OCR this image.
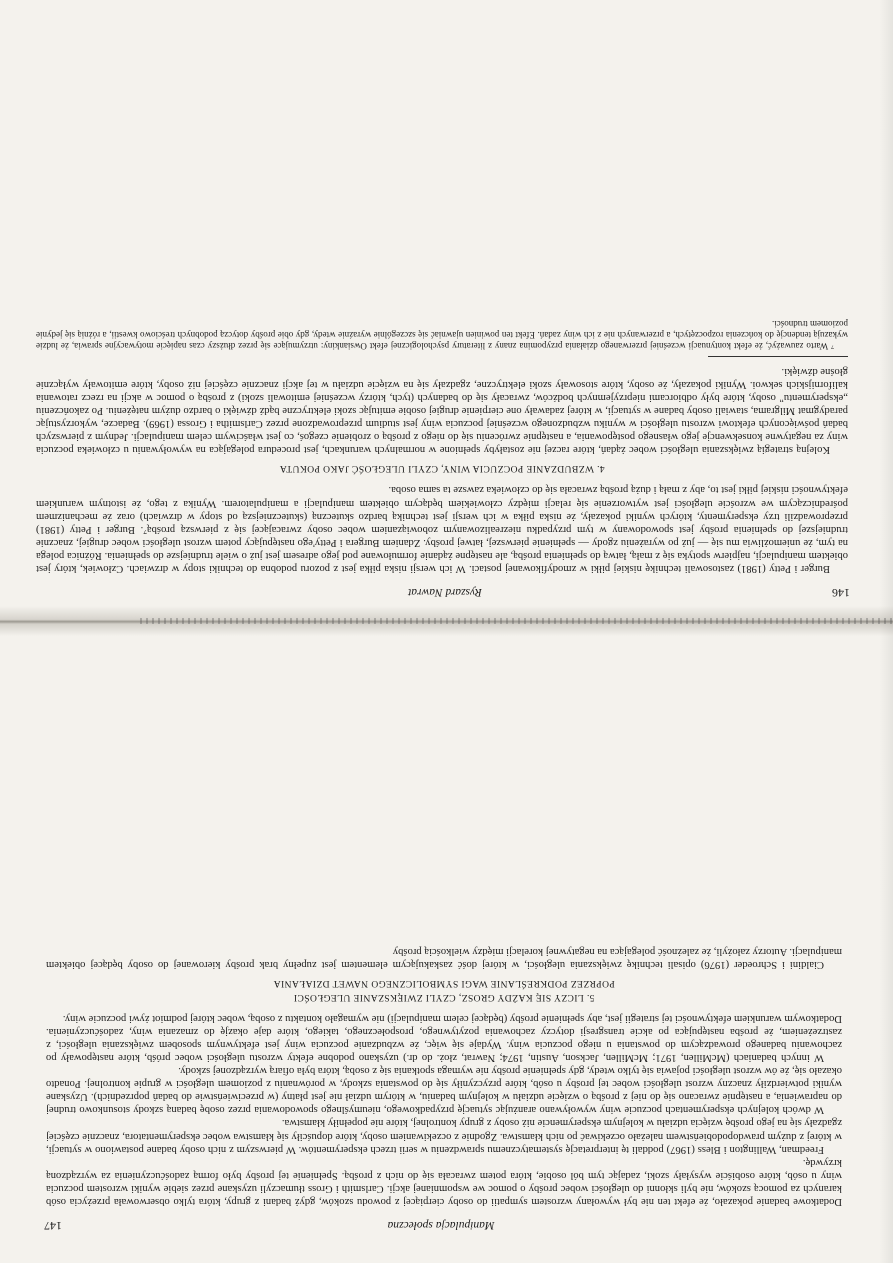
146
Ryszard Nawrat

Burger i Petty (1981) zastosowali technikę niskiej piłki w zmodyfikowanej postaci. W ich wersji niska piłka jest z pozoru podobna do techniki stopy w drzwiach. Człowiek, który jest obiektem manipulacji, najpierw spotyka się z małą, łatwą do spełnienia prośbą, ale następne żądanie formułowane pod jego adresem jest już o wiele trudniejsze do spełnienia. Różnica polega na tym, że uniemożliwia mu się — już po wyrażeniu zgody — spełnienie pierwszej, łatwej prośby. Zdaniem Burgera i Petty'ego następujący potem wzrost uległości wobec drugiej, znacznie trudniejszej do spełnienia prośby jest spowodowany w tym przypadku niezrealizowanym zobowiązaniem wobec osoby zwracającej się z pierwszą prośbą⁷. Burger i Petty (1981) przeprowadzili trzy eksperymenty, których wyniki pokazały, że niska piłka w ich wersji jest techniką bardzo skuteczną (skuteczniejszą od stopy w drzwiach) oraz że mechanizmem pośredniczącym we wzroście uległości jest wytworzenie się relacji między człowiekiem będącym obiektem manipulacji a manipulatorem. Wynika z tego, że istotnym warunkiem efektywności niskiej piłki jest to, aby z małą i dużą prośbą zwracała się do człowieka zawsze ta sama osoba.

4. WZBUDZANIE POCZUCIA WINY, CZYLI ULEGŁOŚĆ JAKO POKUTA

Kolejną strategią zwiększania uległości wobec żądań, które raczej nie zostałyby spełnione w normalnych warunkach, jest procedura polegająca na wywoływaniu u człowieka poczucia winy za negatywne konsekwencje jego własnego postępowania, a następnie zwróceniu się do niego z prośbą o zrobienie czegoś, co jest właściwym celem manipulacji. Jednym z pierwszych badań poświęconych efektowi wzrostu uległości w wyniku wzbudzonego wcześniej poczucia winy jest studium przeprowadzone przez Carlsmitha i Grossa (1969). Badacze, wykorzystując paradygmat Milgrama, stawiali osoby badane w sytuacji, w której zadawały one cierpienie drugiej osobie emitując szoki elektryczne bądź dźwięki o bardzo dużym natężeniu. Po zakończeniu „eksperymentu" osoby, które były odbiorcami nieprzyjemnych bodźców, zwracały się do badanych (tych, którzy wcześniej emitowali szoki) z prośbą o pomoc w akcji na rzecz ratowania kalifornijskich sekwoi. Wyniki pokazały, że osoby, które stosowały szoki elektryczne, zgadzały się na wzięcie udziału w tej akcji znacznie częściej niż osoby, które emitowały wyłącznie głośne dźwięki.

⁷ Warto zauważyć, że efekt kontynuacji wcześniej przerwanego działania przypomina znany z literatury psychologicznej efekt Owsiankiny: utrzymujące się przez dłuższy czas napięcie motywacyjne sprawia, że ludzie wykazują tendencję do kończenia rozpoczętych, a przerwanych nie z ich winy zadań. Efekt ten powinien ujawniać się szczególnie wyraźnie wtedy, gdy obie prośby dotyczą podobnych treściowo kwestii, a różnią się jedynie poziomem trudności.

Manipulacja społeczna
147

Dodatkowe badanie pokazało, że efekt ten nie był wywołany wzrostem sympatii do osoby cierpiącej z powodu szoków, gdyż badani z grupy, która tylko obserwowała przeżycia osób karanych za pomocą szoków, nie byli skłonni do uległości wobec prośby o pomoc we wspomnianej akcji. Carlsmith i Gross tłumaczyli uzyskane przez siebie wyniki wzrostem poczucia winy u osób, które osobiście wysyłały szoki, zadając tym ból osobie, która potem zwracała się do nich z prośbą. Spełnienie tej prośby było formą zadośćuczynienia za wyrządzoną krzywdę.

Freedman, Wallington i Bless (1967) poddali tę interpretację systematycznemu sprawdzeniu w serii trzech eksperymentów. W pierwszym z nich osoby badane postawiono w sytuacji, w której z dużym prawdopodobieństwem należało oczekiwać po nich kłamstwa. Zgodnie z oczekiwaniem osoby, które dopuściły się kłamstwa wobec eksperymentatora, znacznie częściej zgadzały się na jego prośbę wzięcia udziału w kolejnym eksperymencie niż osoby z grupy kontrolnej, które nie popełniły kłamstwa.

W dwóch kolejnych eksperymentach poczucie winy wywoływano aranżując sytuację przypadkowego, nieumyślnego spowodowania przez osobę badaną szkody stosunkowo trudnej do naprawienia, a następnie zwracano się do niej z prośbą o wzięcie udziału w kolejnym badaniu, w którym udział nie jest płatny (w przeciwieństwie do badań poprzednich). Uzyskane wyniki potwierdziły znaczny wzrost uległości wobec tej prośby u osób, które przyczyniły się do powstania szkody, w porównaniu z poziomem uległości w grupie kontrolnej. Ponadto okazało się, że ów wzrost uległości pojawia się tylko wtedy, gdy spełnienie prośby nie wymaga spotkania się z osobą, która była ofiarą wyrządzonej szkody.

W innych badaniach (McMillen, 1971; McMillen, Jackson, Austin, 1974; Nawrat, złoż. do dr.) uzyskano podobne efekty wzrostu uległości wobec próśb, które następowały po zachowaniu badanego prowadzącym do powstania u niego poczucia winy. Wydaje się więc, że wzbudzanie poczucia winy jest efektywnym sposobem zwiększania uległości, z zastrzeżeniem, że prośba następująca po akcie transgresji dotyczy zachowania pozytywnego, prospołecznego, takiego, które daje okazję do zmazania winy, zadośćuczynienia. Dodatkowym warunkiem efektywności tej strategii jest, aby spełnienie prośby (będącej celem manipulacji) nie wymagało kontaktu z osobą, wobec której podmiot żywi poczucie winy.

5. LICZY SIĘ KAŻDY GROSZ, CZYLI ZWIĘKSZANIE ULEGŁOŚCI
POPRZEZ PODKREŚLANIE WAGI SYMBOLICZNEGO NAWET DZIAŁANIA

Cialdini i Schroeder (1976) opisali technikę zwiększania uległości, w której dość zaskakującym elementem jest zupełny brak prośby kierowanej do osoby będącej obiektem manipulacji. Autorzy założyli, że zależność polegająca na negatywnej korelacji między wielkością prośby
